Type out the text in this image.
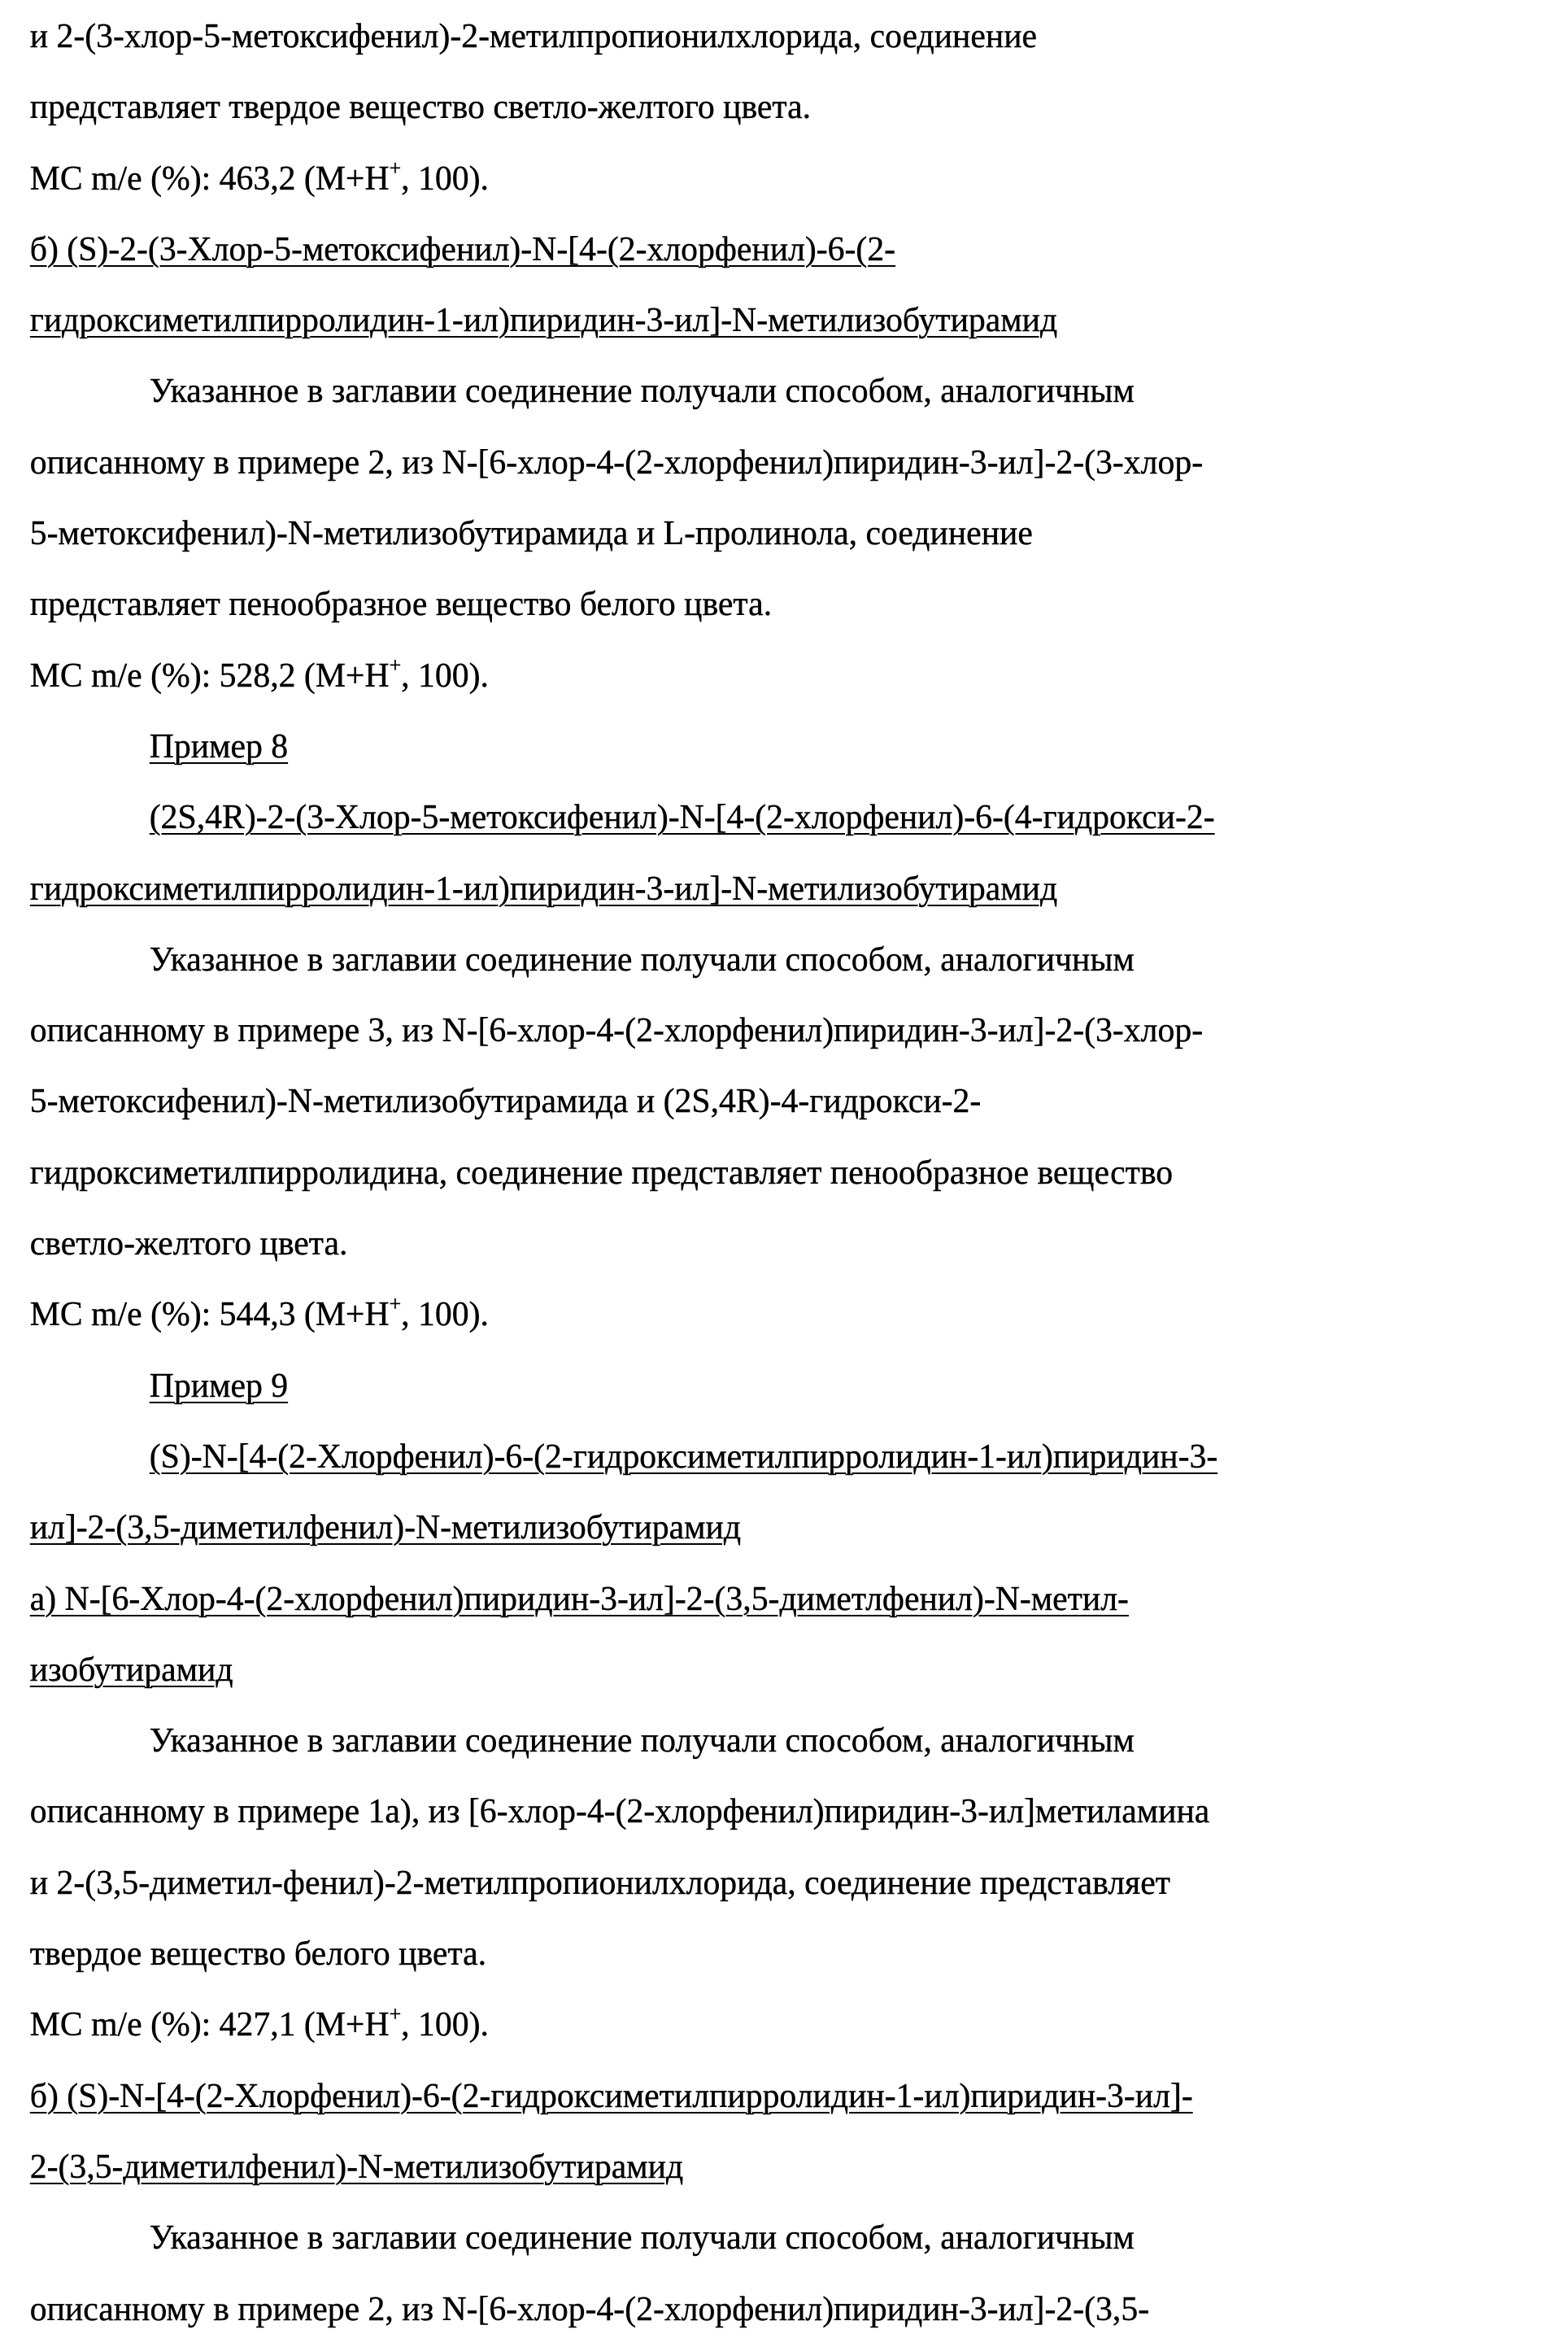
и 2-(3-хлор-5-метоксифенил)-2-метилпропионилхлорида, соединение
представляет твердое вещество светло-желтого цвета.
МС m/e (%): 463,2 (M+H+, 100).
б) (S)-2-(3-Хлор-5-метоксифенил)-N-[4-(2-хлорфенил)-6-(2-
гидроксиметилпирролидин-1-ил)пиридин-3-ил]-N-метилизобутирамид
Указанное в заглавии соединение получали способом, аналогичным
описанному в примере 2, из N-[6-хлор-4-(2-хлорфенил)пиридин-3-ил]-2-(3-хлор-
5-метоксифенил)-N-метилизобутирамида и L-пролинола, соединение
представляет пенообразное вещество белого цвета.
МС m/e (%): 528,2 (M+H+, 100).
Пример 8
(2S,4R)-2-(3-Хлор-5-метоксифенил)-N-[4-(2-хлорфенил)-6-(4-гидрокси-2-
гидроксиметилпирролидин-1-ил)пиридин-3-ил]-N-метилизобутирамид
Указанное в заглавии соединение получали способом, аналогичным
описанному в примере 3, из N-[6-хлор-4-(2-хлорфенил)пиридин-3-ил]-2-(3-хлор-
5-метоксифенил)-N-метилизобутирамида и (2S,4R)-4-гидрокси-2-
гидроксиметилпирролидина, соединение представляет пенообразное вещество
светло-желтого цвета.
МС m/e (%): 544,3 (M+H+, 100).
Пример 9
(S)-N-[4-(2-Хлорфенил)-6-(2-гидроксиметилпирролидин-1-ил)пиридин-3-
ил]-2-(3,5-диметилфенил)-N-метилизобутирамид
а) N-[6-Хлор-4-(2-хлорфенил)пиридин-3-ил]-2-(3,5-диметлфенил)-N-метил-
изобутирамид
Указанное в заглавии соединение получали способом, аналогичным
описанному в примере 1а), из [6-хлор-4-(2-хлорфенил)пиридин-3-ил]метиламина
и 2-(3,5-диметил-фенил)-2-метилпропионилхлорида, соединение представляет
твердое вещество белого цвета.
МС m/e (%): 427,1 (M+H+, 100).
б) (S)-N-[4-(2-Хлорфенил)-6-(2-гидроксиметилпирролидин-1-ил)пиридин-3-ил]-
2-(3,5-диметилфенил)-N-метилизобутирамид
Указанное в заглавии соединение получали способом, аналогичным
описанному в примере 2, из N-[6-хлор-4-(2-хлорфенил)пиридин-3-ил]-2-(3,5-
